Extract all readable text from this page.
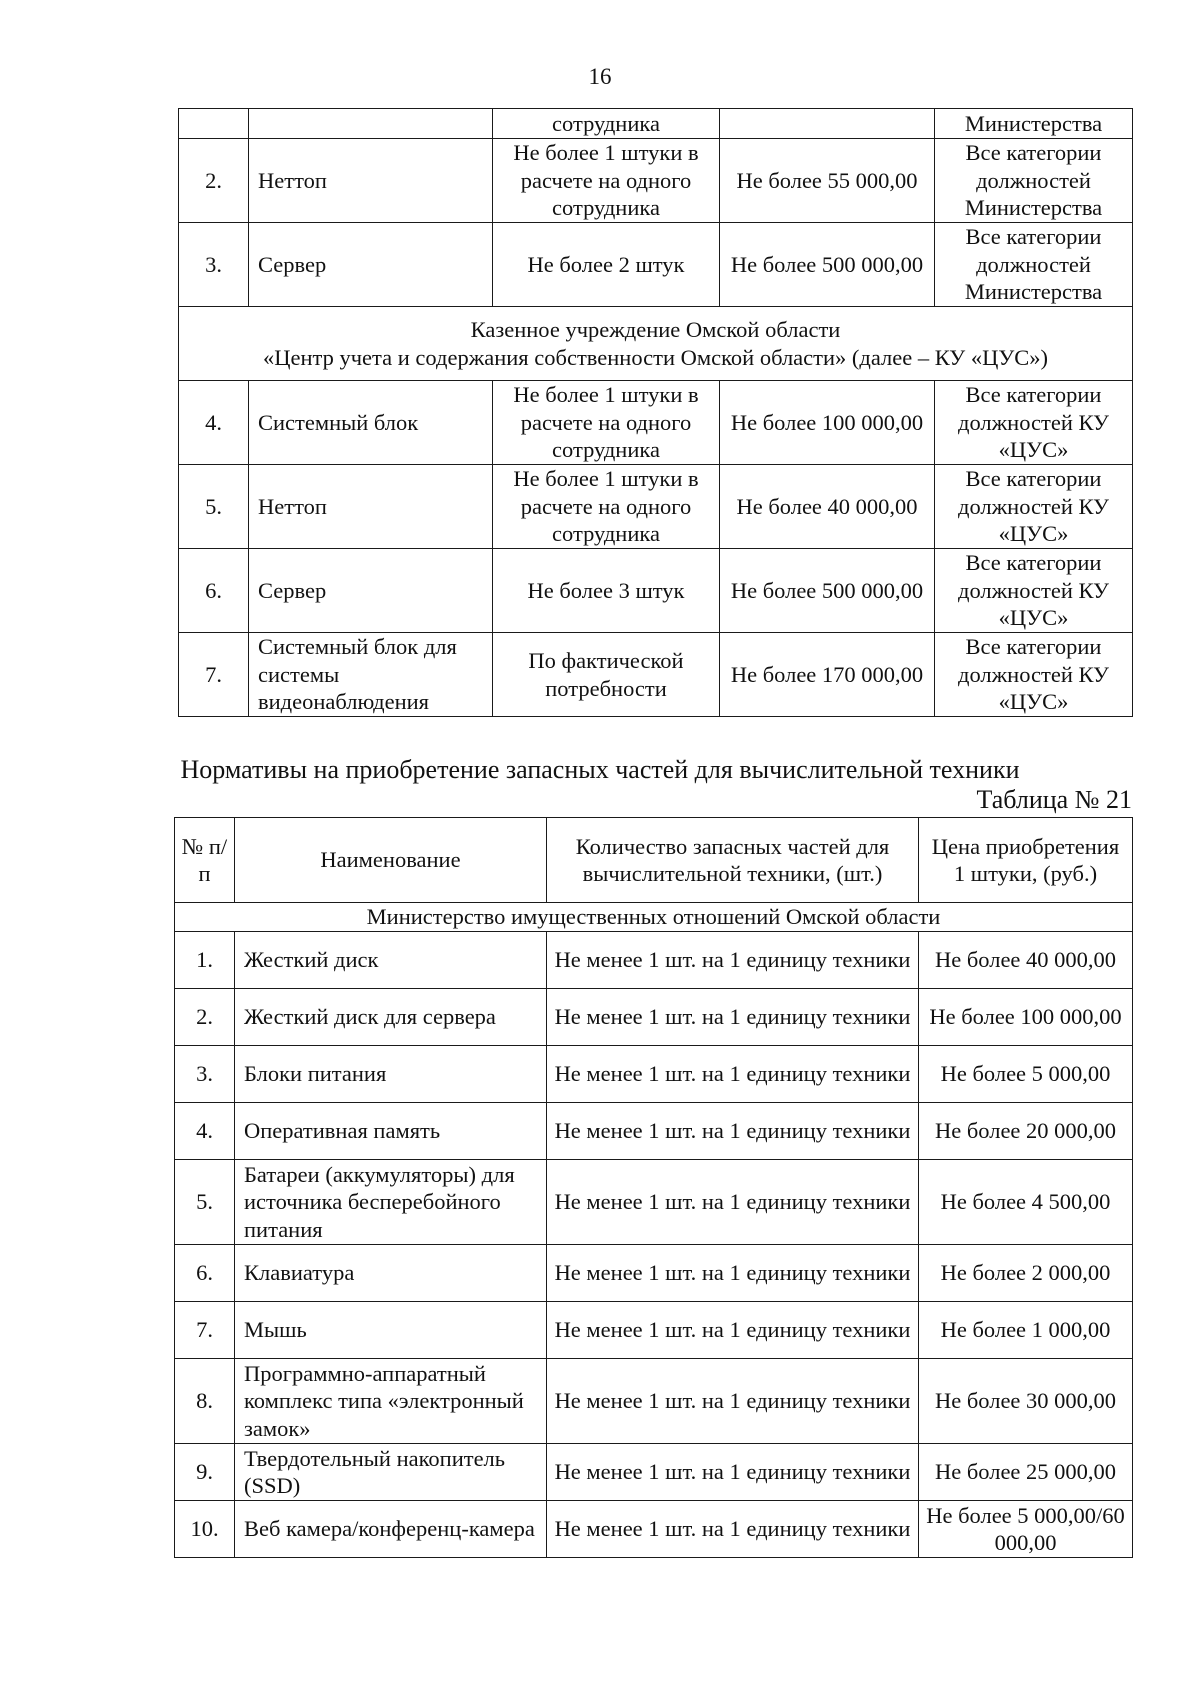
16
		сотрудника		Министерства
2.	Неттоп	Не более 1 штуки в расчете на одного сотрудника	Не более 55 000,00	Все категории должностей Министерства
3.	Сервер	Не более 2 штук	Не более 500 000,00	Все категории должностей Министерства

Казенное учреждение Омской области
«Центр учета и содержания собственности Омской области» (далее – КУ «ЦУС»)				

4.	Системный блок	Не более 1 штуки в расчете на одного сотрудника	Не более 100 000,00	Все категории должностей КУ «ЦУС»
5.	Неттоп	Не более 1 штуки в расчете на одного сотрудника	Не более 40 000,00	Все категории должностей КУ «ЦУС»
6.	Сервер	Не более 3 штук	Не более 500 000,00	Все категории должностей КУ «ЦУС»
7.	Системный блок для системы видеонаблюдения	По фактической потребности	Не более 170 000,00	Все категории должностей КУ «ЦУС»
Нормативы на приобретение запасных частей для вычислительной техники
Таблица № 21
№ п/п	Наименование	Количество запасных частей для вычислительной техники, (шт.)	Цена приобретения 1 штуки, (руб.)
Министерство имущественных отношений Омской области			
1.	Жесткий диск	Не менее 1 шт. на 1 единицу техники	Не более 40 000,00
2.	Жесткий диск для сервера	Не менее 1 шт. на 1 единицу техники	Не более 100 000,00
3.	Блоки питания	Не менее 1 шт. на 1 единицу техники	Не более 5 000,00
4.	Оперативная память	Не менее 1 шт. на 1 единицу техники	Не более 20 000,00
5.	Батареи (аккумуляторы) для источника бесперебойного питания	Не менее 1 шт. на 1 единицу техники	Не более 4 500,00
6.	Клавиатура	Не менее 1 шт. на 1 единицу техники	Не более 2 000,00
7.	Мышь	Не менее 1 шт. на 1 единицу техники	Не более 1 000,00
8.	Программно-аппаратный комплекс типа «электронный замок»	Не менее 1 шт. на 1 единицу техники	Не более 30 000,00
9.	Твердотельный накопитель (SSD)	Не менее 1 шт. на 1 единицу техники	Не более 25 000,00
10.	Веб камера/конференц-камера	Не менее 1 шт. на 1 единицу техники	Не более 5 000,00/60 000,00
